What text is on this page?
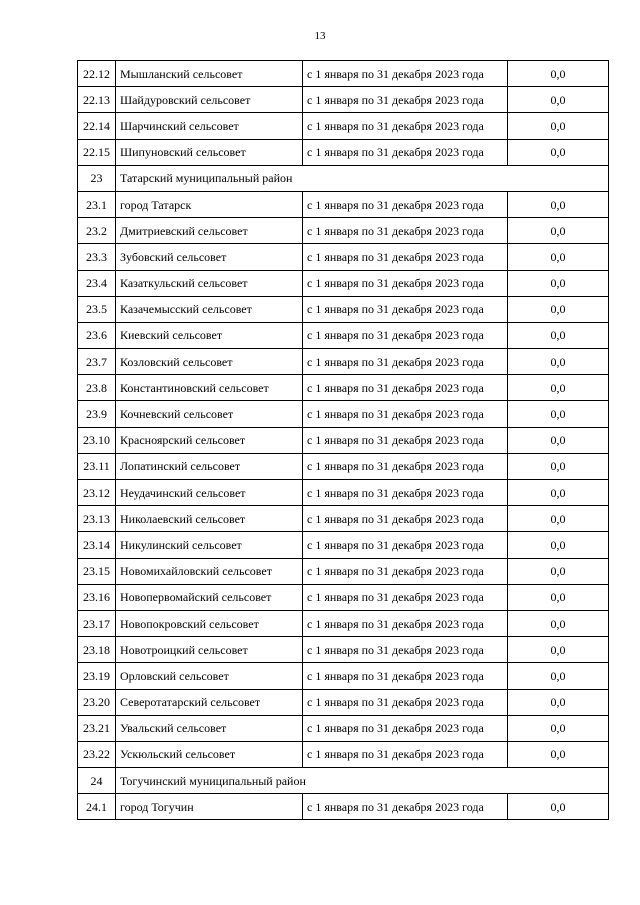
13
22.12	Мышланский сельсовет	с 1 января по 31 декабря 2023 года	0,0
22.13	Шайдуровский сельсовет	с 1 января по 31 декабря 2023 года	0,0
22.14	Шарчинский сельсовет	с 1 января по 31 декабря 2023 года	0,0
22.15	Шипуновский сельсовет	с 1 января по 31 декабря 2023 года	0,0
23	Татарский муниципальный район		
23.1	город Татарск	с 1 января по 31 декабря 2023 года	0,0
23.2	Дмитриевский сельсовет	с 1 января по 31 декабря 2023 года	0,0
23.3	Зубовский сельсовет	с 1 января по 31 декабря 2023 года	0,0
23.4	Казаткульский сельсовет	с 1 января по 31 декабря 2023 года	0,0
23.5	Казачемысский сельсовет	с 1 января по 31 декабря 2023 года	0,0
23.6	Киевский сельсовет	с 1 января по 31 декабря 2023 года	0,0
23.7	Козловский сельсовет	с 1 января по 31 декабря 2023 года	0,0
23.8	Константиновский сельсовет	с 1 января по 31 декабря 2023 года	0,0
23.9	Кочневский сельсовет	с 1 января по 31 декабря 2023 года	0,0
23.10	Красноярский сельсовет	с 1 января по 31 декабря 2023 года	0,0
23.11	Лопатинский сельсовет	с 1 января по 31 декабря 2023 года	0,0
23.12	Неудачинский сельсовет	с 1 января по 31 декабря 2023 года	0,0
23.13	Николаевский сельсовет	с 1 января по 31 декабря 2023 года	0,0
23.14	Никулинский сельсовет	с 1 января по 31 декабря 2023 года	0,0
23.15	Новомихайловский сельсовет	с 1 января по 31 декабря 2023 года	0,0
23.16	Новопервомайский сельсовет	с 1 января по 31 декабря 2023 года	0,0
23.17	Новопокровский сельсовет	с 1 января по 31 декабря 2023 года	0,0
23.18	Новотроицкий сельсовет	с 1 января по 31 декабря 2023 года	0,0
23.19	Орловский сельсовет	с 1 января по 31 декабря 2023 года	0,0
23.20	Северотатарский сельсовет	с 1 января по 31 декабря 2023 года	0,0
23.21	Увальский сельсовет	с 1 января по 31 декабря 2023 года	0,0
23.22	Ускюльский сельсовет	с 1 января по 31 декабря 2023 года	0,0
24	Тогучинский муниципальный район		
24.1	город Тогучин	с 1 января по 31 декабря 2023 года	0,0
